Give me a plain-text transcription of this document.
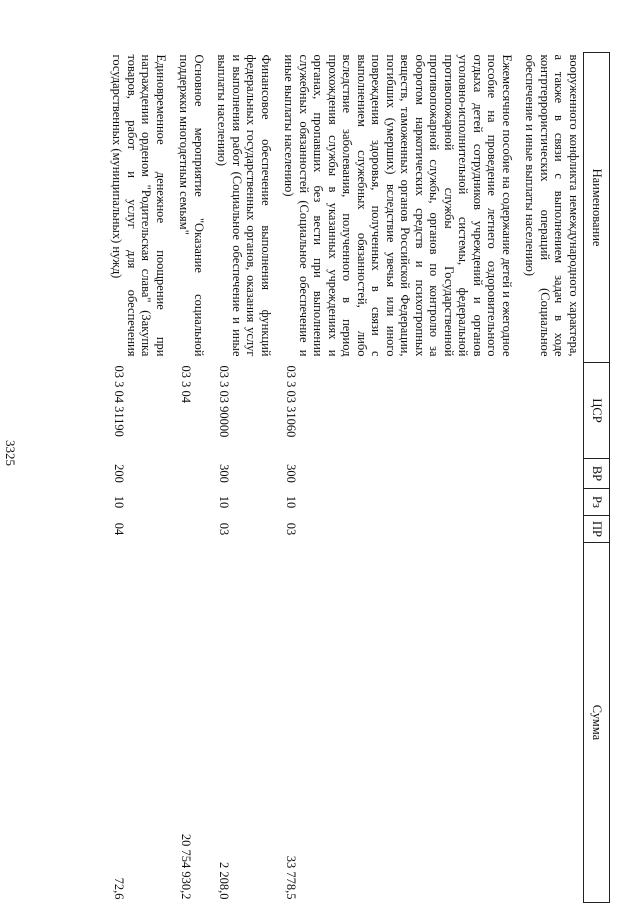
3325
Наименование	ЦСР	ВР	Рз	ПР	Сумма
вооруженного конфликта немеждународного характера, а также в связи с выполнением задач в ходе контртеррористических операций (Социальное обеспечение и иные выплаты населению)					
Ежемесячное пособие на содержание детей и ежегодное пособие на проведение летнего оздоровительного отдыха детей сотрудников учреждений и органов уголовно-исполнительной системы, федеральной противопожарной службы Государственной противопожарной службы, органов по контролю за оборотом наркотических средств и психотропных веществ, таможенных органов Российской Федерации, погибших (умерших) вследствие увечья или иного повреждения здоровья, полученных в связи с выполнением служебных обязанностей, либо вследствие заболевания, полученного в период прохождения службы в указанных учреждениях и органах, пропавших без вести при выполнении служебных обязанностей (Социальное обеспечение и иные выплаты населению)	03 3 03 31060	300	10	03	33 778,5
Финансовое обеспечение выполнения функций федеральных государственных органов, оказания услуг и выполнения работ (Социальное обеспечение и иные выплаты населению)	03 3 03 90000	300	10	03	2 208,0
Основное мероприятие "Оказание социальной поддержки многодетным семьям"	03 3 04				20 754 930,2
Единовременное денежное поощрение при награждении орденом "Родительская слава" (Закупка товаров, работ и услуг для обеспечения государственных (муниципальных) нужд)	03 3 04 31190	200	10	04	72,6
